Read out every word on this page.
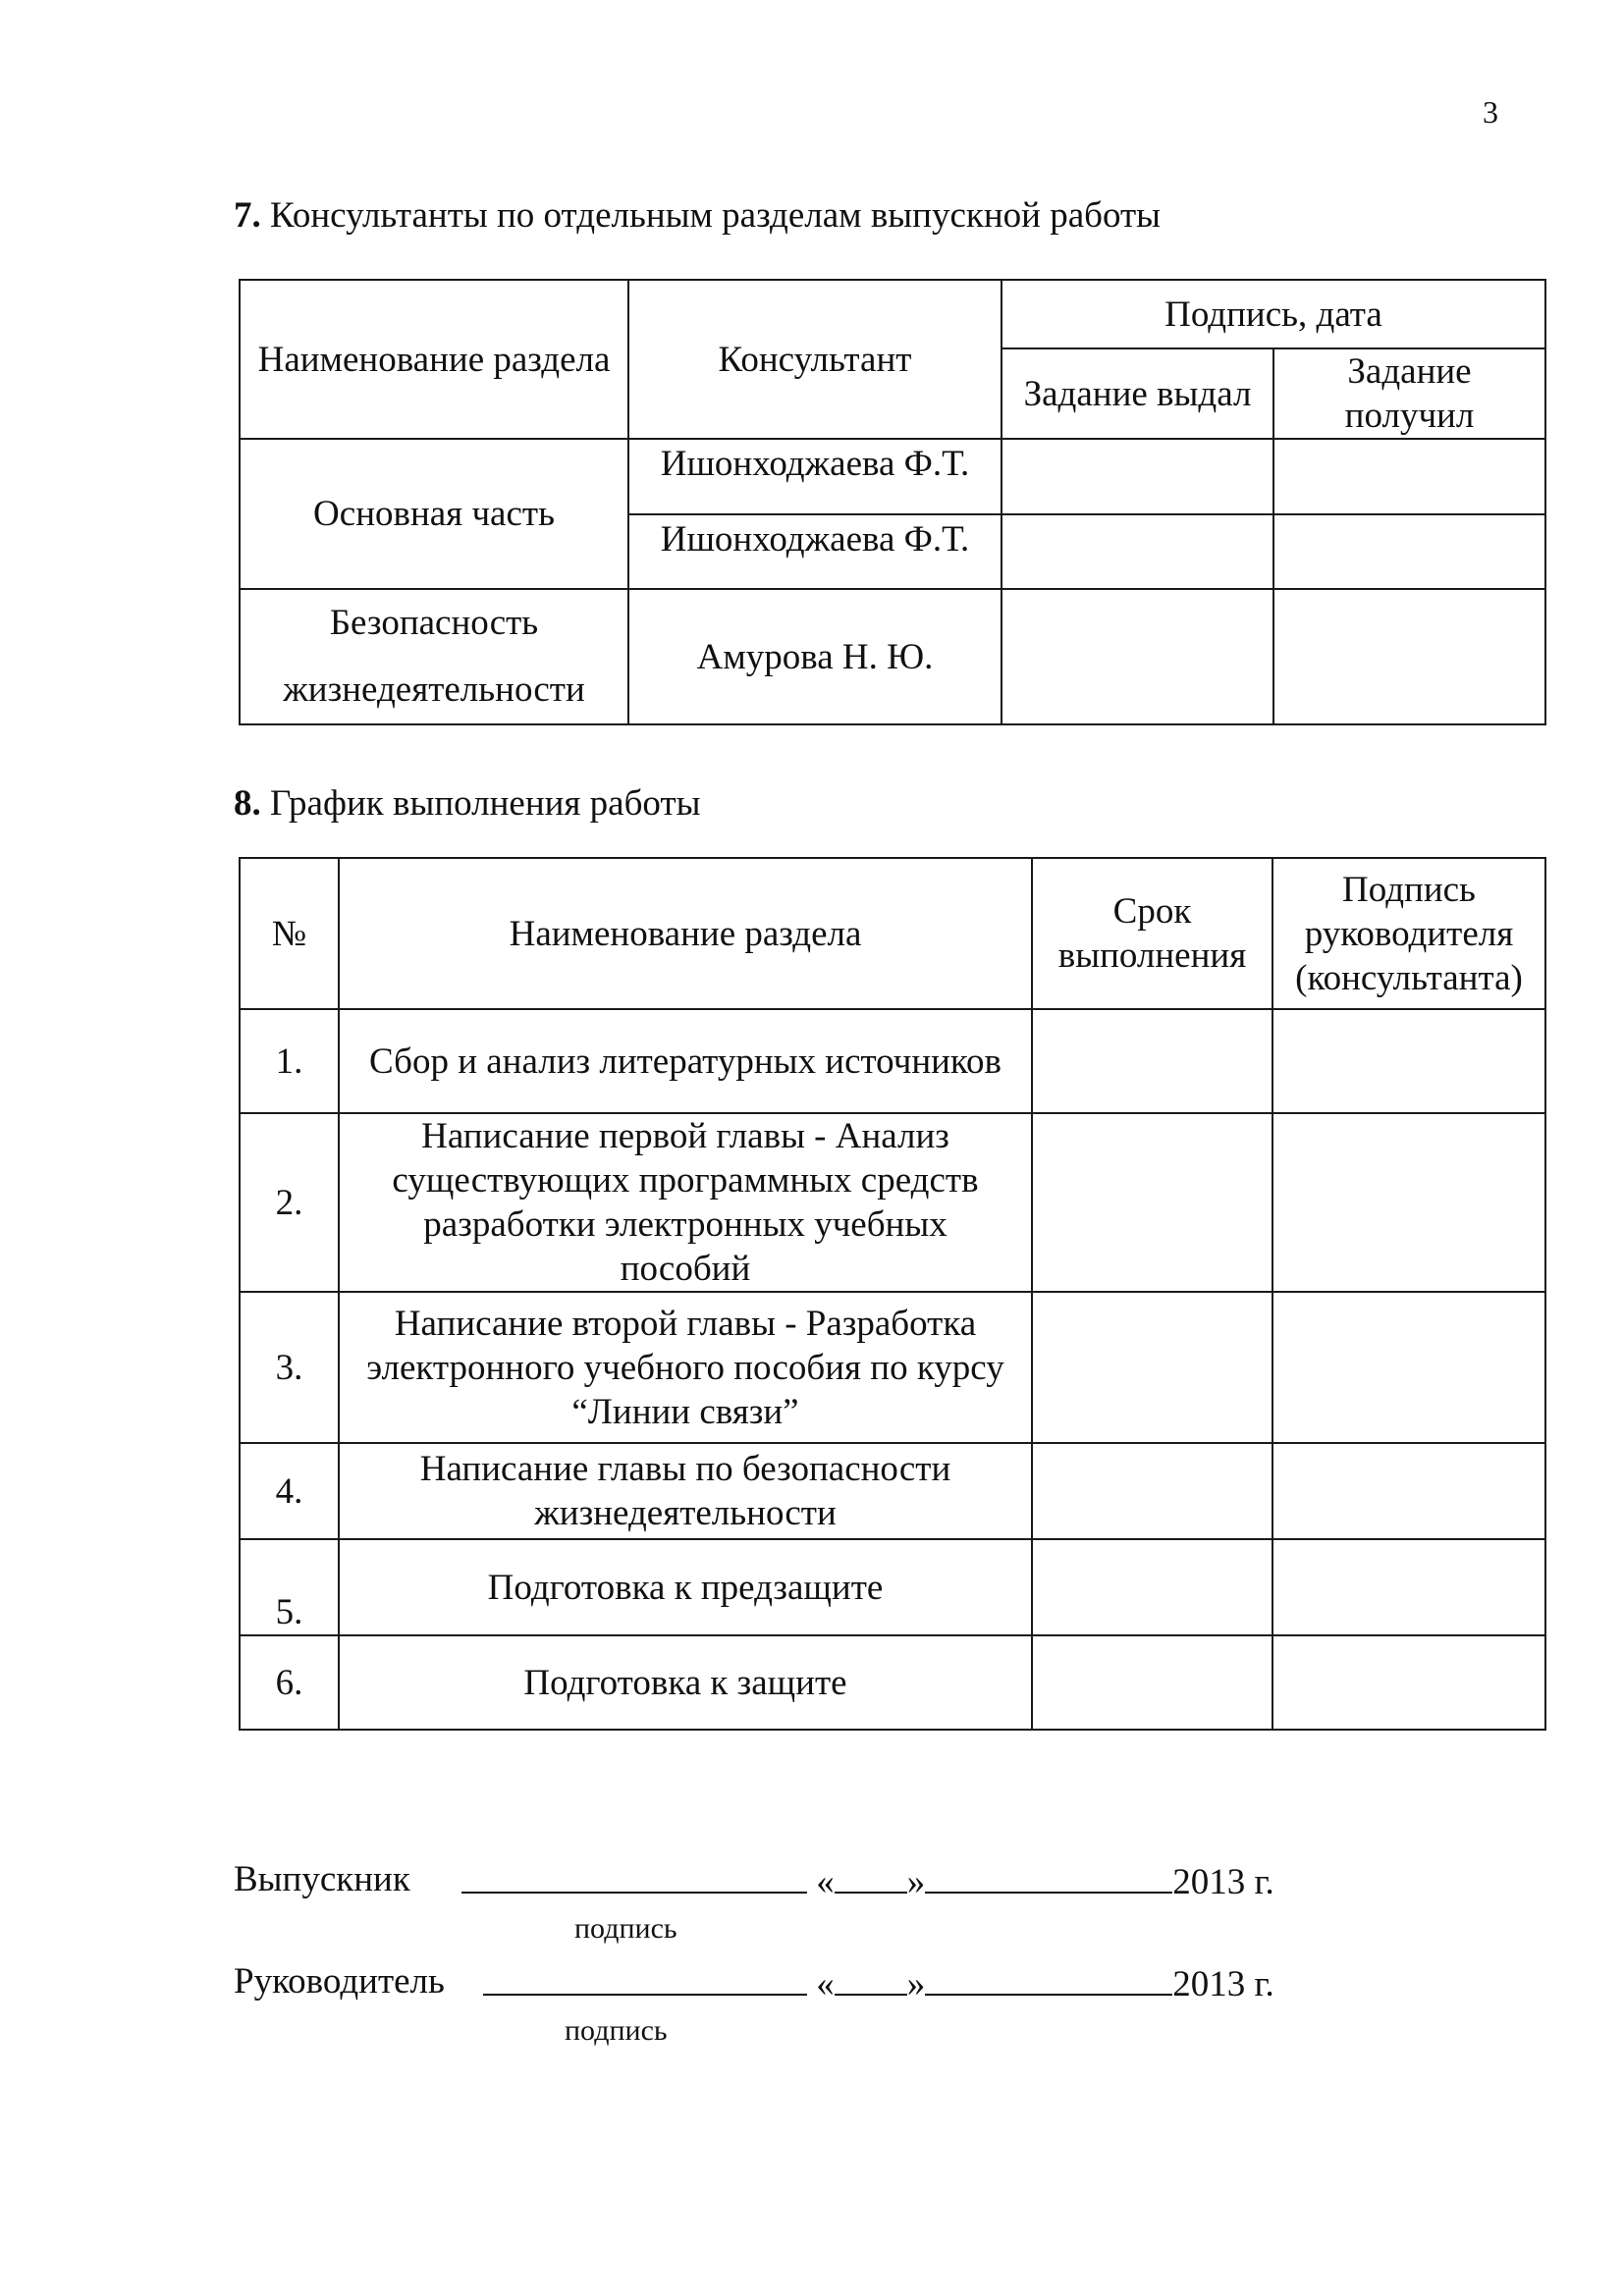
3
7. Консультанты по отдельным разделам выпускной работы
Наименование раздела	Консультант	Подпись, дата	
		Задание выдал	Задание получил
Основная часть	Ишонходжаева Ф.Т.		
	Ишонходжаева Ф.Т.		
Безопасность жизнедеятельности	Амурова Н. Ю.		
8. График выполнения работы
№	Наименование раздела	Срок выполнения	Подпись руководителя (консультанта)
1.	Сбор и анализ литературных источников		
2.	Написание первой главы - Анализ существующих программных средств разработки электронных учебных пособий		
3.	Написание второй главы - Разработка электронного учебного пособия по курсу “Линии связи”		
4.	Написание главы по безопасности жизнедеятельности		
5.	Подготовка к предзащите		
6.	Подготовка к защите		
Выпускник	« »	2013 г.
подпись
Руководитель	« »	2013 г.
подпись
